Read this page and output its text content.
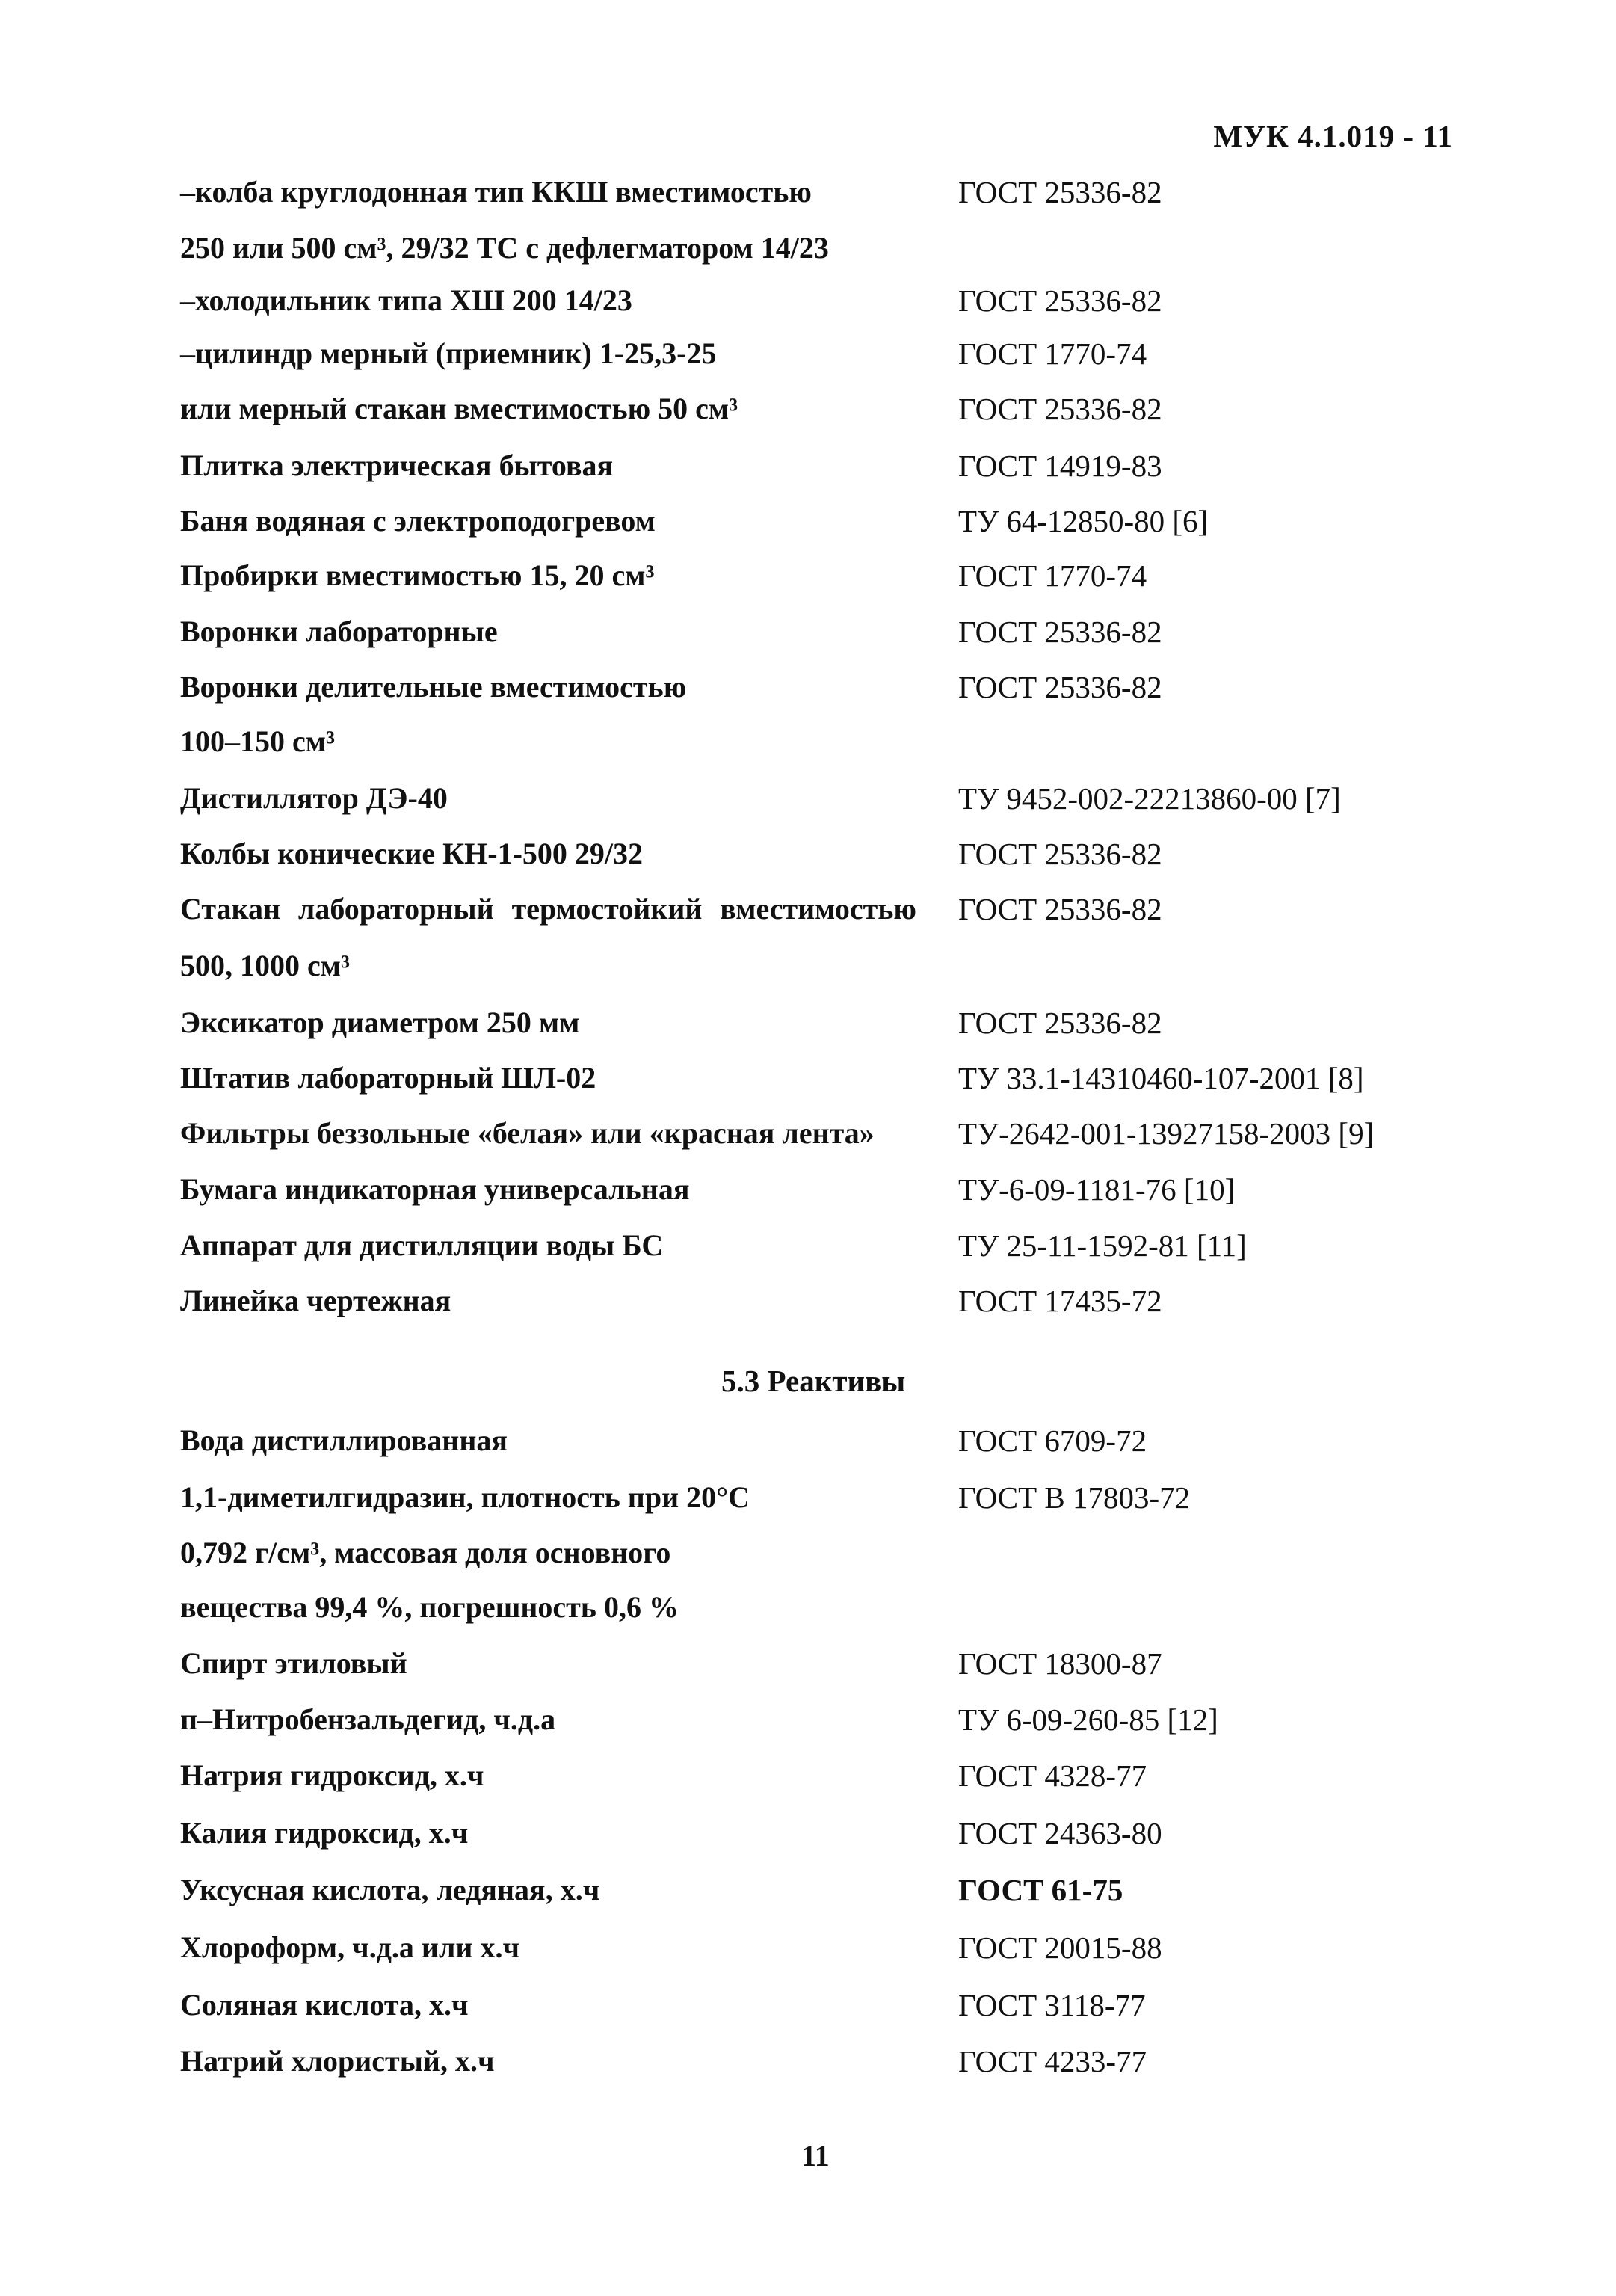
МУК 4.1.019 - 11
–колба круглодонная тип ККШ вместимостью	ГОСТ 25336-82
250 или 500 см³, 29/32 ТС с дефлегматором 14/23
–холодильник типа ХШ 200 14/23	ГОСТ 25336-82
–цилиндр мерный (приемник) 1-25,3-25	ГОСТ 1770-74
или мерный стакан вместимостью 50 см³	ГОСТ 25336-82
Плитка электрическая бытовая	ГОСТ 14919-83
Баня водяная с электроподогревом	ТУ 64-12850-80 [6]
Пробирки вместимостью 15, 20 см³	ГОСТ 1770-74
Воронки лабораторные	ГОСТ 25336-82
Воронки делительные вместимостью	ГОСТ 25336-82
100–150 см³
Дистиллятор ДЭ-40	ТУ 9452-002-22213860-00 [7]
Колбы конические КН-1-500 29/32	ГОСТ 25336-82
Стакан лабораторный термостойкий вместимостью ГОСТ 25336-82
500, 1000 см³
Эксикатор диаметром 250 мм	ГОСТ 25336-82
Штатив лабораторный ШЛ-02	ТУ 33.1-14310460-107-2001 [8]
Фильтры беззольные «белая» или «красная лента»	ТУ-2642-001-13927158-2003 [9]
Бумага индикаторная универсальная	ТУ-6-09-1181-76 [10]
Аппарат для дистилляции воды БС	ТУ 25-11-1592-81 [11]
Линейка чертежная	ГОСТ 17435-72
5.3 Реактивы
Вода дистиллированная	ГОСТ 6709-72
1,1-диметилгидразин, плотность при 20°С	ГОСТ В 17803-72
0,792 г/см³, массовая доля основного
вещества 99,4 %, погрешность 0,6 %
Спирт этиловый	ГОСТ 18300-87
п–Нитробензальдегид, ч.д.а	ТУ 6-09-260-85 [12]
Натрия гидроксид, х.ч	ГОСТ 4328-77
Калия гидроксид, х.ч	ГОСТ 24363-80
Уксусная кислота, ледяная, х.ч	ГОСТ 61-75
Хлороформ, ч.д.а или х.ч	ГОСТ 20015-88
Соляная кислота, х.ч	ГОСТ 3118-77
Натрий хлористый, х.ч	ГОСТ 4233-77
11
